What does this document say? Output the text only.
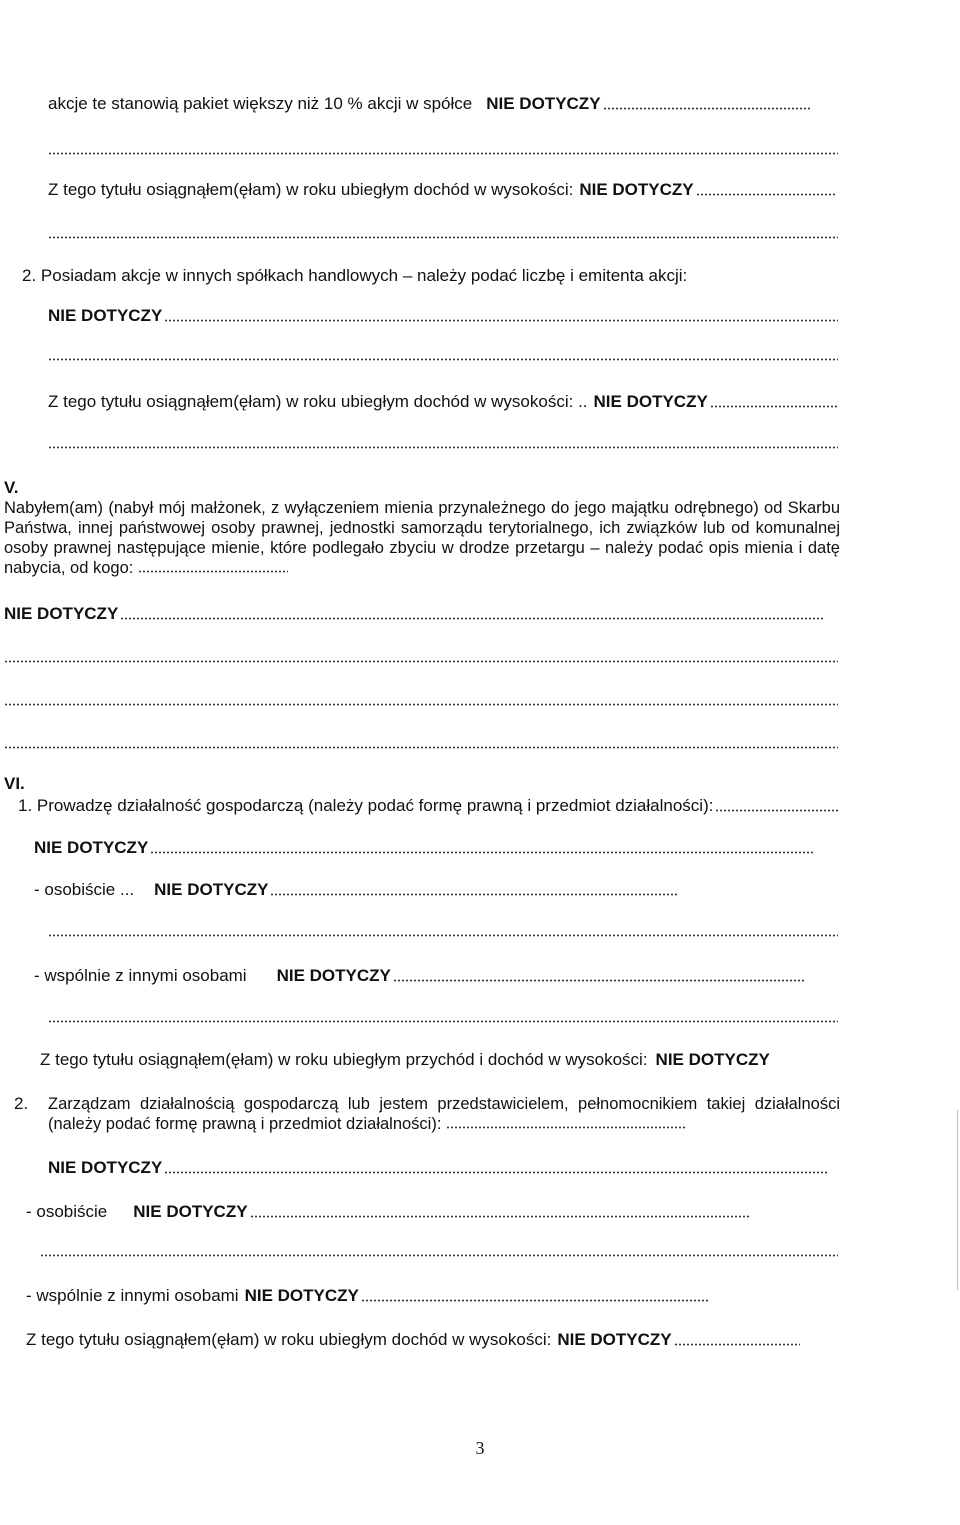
akcje te stanowią pakiet większy niż 10 % akcji w spółce NIE DOTYCZY
Z tego tytułu osiągnąłem(ęłam) w roku ubiegłym dochód w wysokości: NIE DOTYCZY
2. Posiadam akcje w innych spółkach handlowych – należy podać liczbę i emitenta akcji:
NIE DOTYCZY
Z tego tytułu osiągnąłem(ęłam) w roku ubiegłym dochód w wysokości: .. NIE DOTYCZY
V.
Nabyłem(am) (nabył mój małżonek, z wyłączeniem mienia przynależnego do jego majątku odrębnego) od Skarbu Państwa, innej państwowej osoby prawnej, jednostki samorządu terytorialnego, ich związków lub od komunalnej osoby prawnej następujące mienie, które podlegało zbyciu w drodze przetargu – należy podać opis mienia i datę nabycia, od kogo:
NIE DOTYCZY
VI.
1. Prowadzę działalność gospodarczą (należy podać formę prawną i przedmiot działalności):
NIE DOTYCZY
- osobiście ... NIE DOTYCZY
- wspólnie z innymi osobami NIE DOTYCZY
Z tego tytułu osiągnąłem(ęłam) w roku ubiegłym przychód i dochód w wysokości: NIE DOTYCZY
2. Zarządzam działalnością gospodarczą lub jestem przedstawicielem, pełnomocnikiem takiej działalności (należy podać formę prawną i przedmiot działalności):
NIE DOTYCZY
- osobiście NIE DOTYCZY
- wspólnie z innymi osobami NIE DOTYCZY
Z tego tytułu osiągnąłem(ęłam) w roku ubiegłym dochód w wysokości: NIE DOTYCZY
3
